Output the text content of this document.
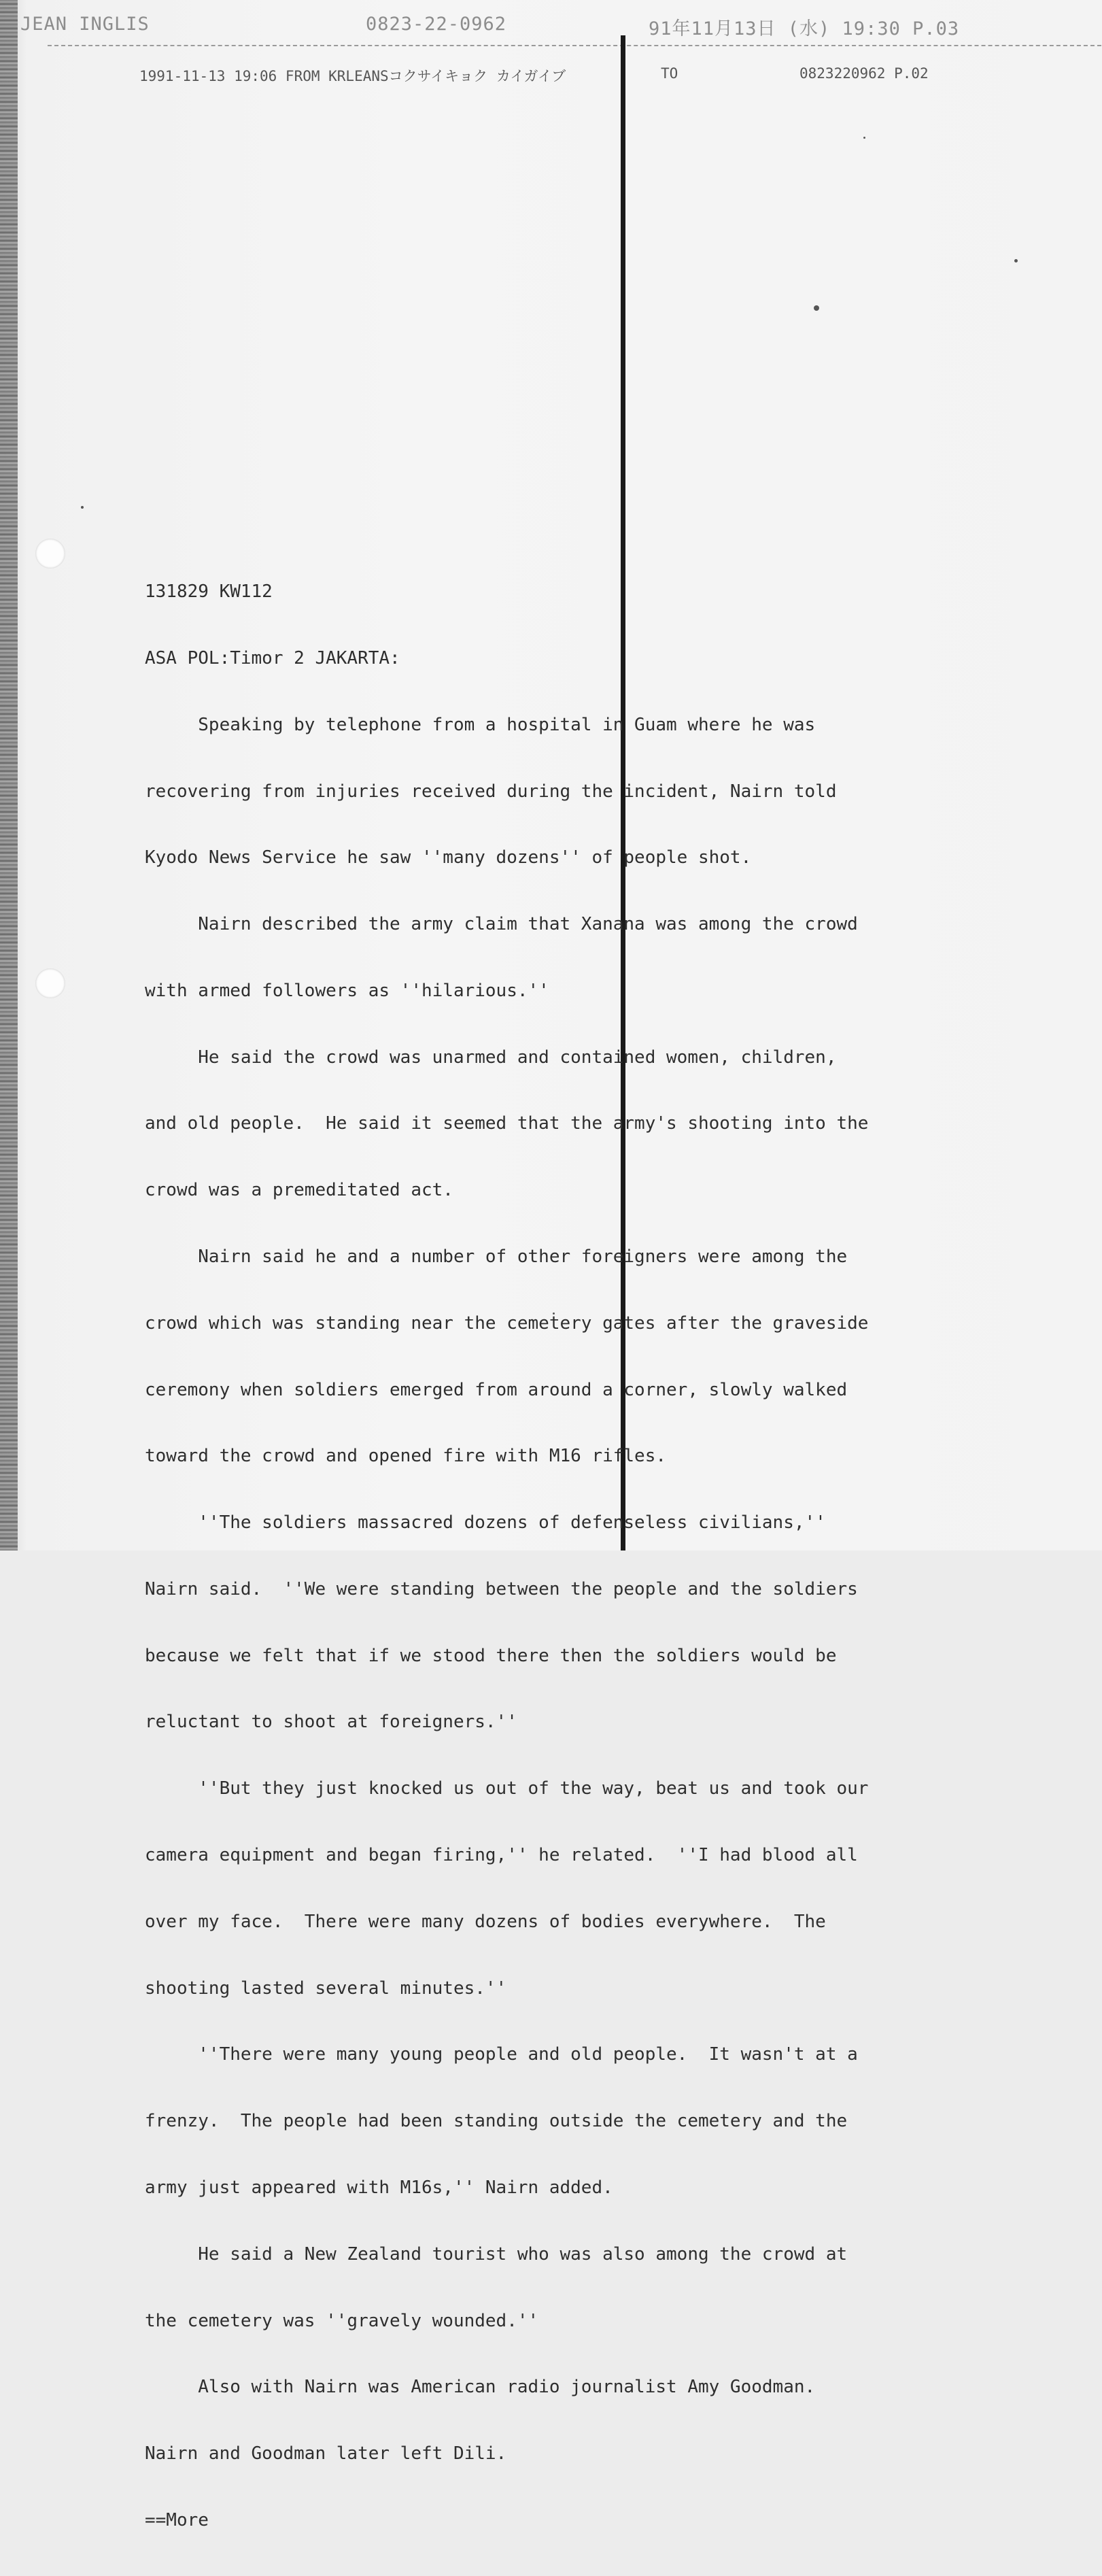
JEAN INGLIS	0823-22-0962	91年11月13日 (水) 19:30 P.03
1991-11-13 19:06 FROM KRLEANSコクサイキョク カイガイブ	TO	0823220962 P.02

131829 KW112

ASA POL:Timor 2 JAKARTA:

Speaking by telephone from a hospital in Guam where he was

recovering from injuries received during the incident, Nairn told

Kyodo News Service he saw ''many dozens'' of people shot.

Nairn described the army claim that Xanana was among the crowd

with armed followers as ''hilarious.''

He said the crowd was unarmed and contained women, children,

and old people.  He said it seemed that the army's shooting into the

crowd was a premeditated act.

Nairn said he and a number of other foreigners were among the

crowd which was standing near the cemetery gates after the graveside

ceremony when soldiers emerged from around a corner, slowly walked

toward the crowd and opened fire with M16 rifles.

''The soldiers massacred dozens of defenseless civilians,''

Nairn said.  ''We were standing between the people and the soldiers

because we felt that if we stood there then the soldiers would be

reluctant to shoot at foreigners.''

''But they just knocked us out of the way, beat us and took our

camera equipment and began firing,'' he related.  ''I had blood all

over my face.  There were many dozens of bodies everywhere.  The

shooting lasted several minutes.''

''There were many young people and old people.  It wasn't at a

frenzy.  The people had been standing outside the cemetery and the

army just appeared with M16s,'' Nairn added.

He said a New Zealand tourist who was also among the crowd at

the cemetery was ''gravely wounded.''

Also with Nairn was American radio journalist Amy Goodman.

Nairn and Goodman later left Dili.

==More
